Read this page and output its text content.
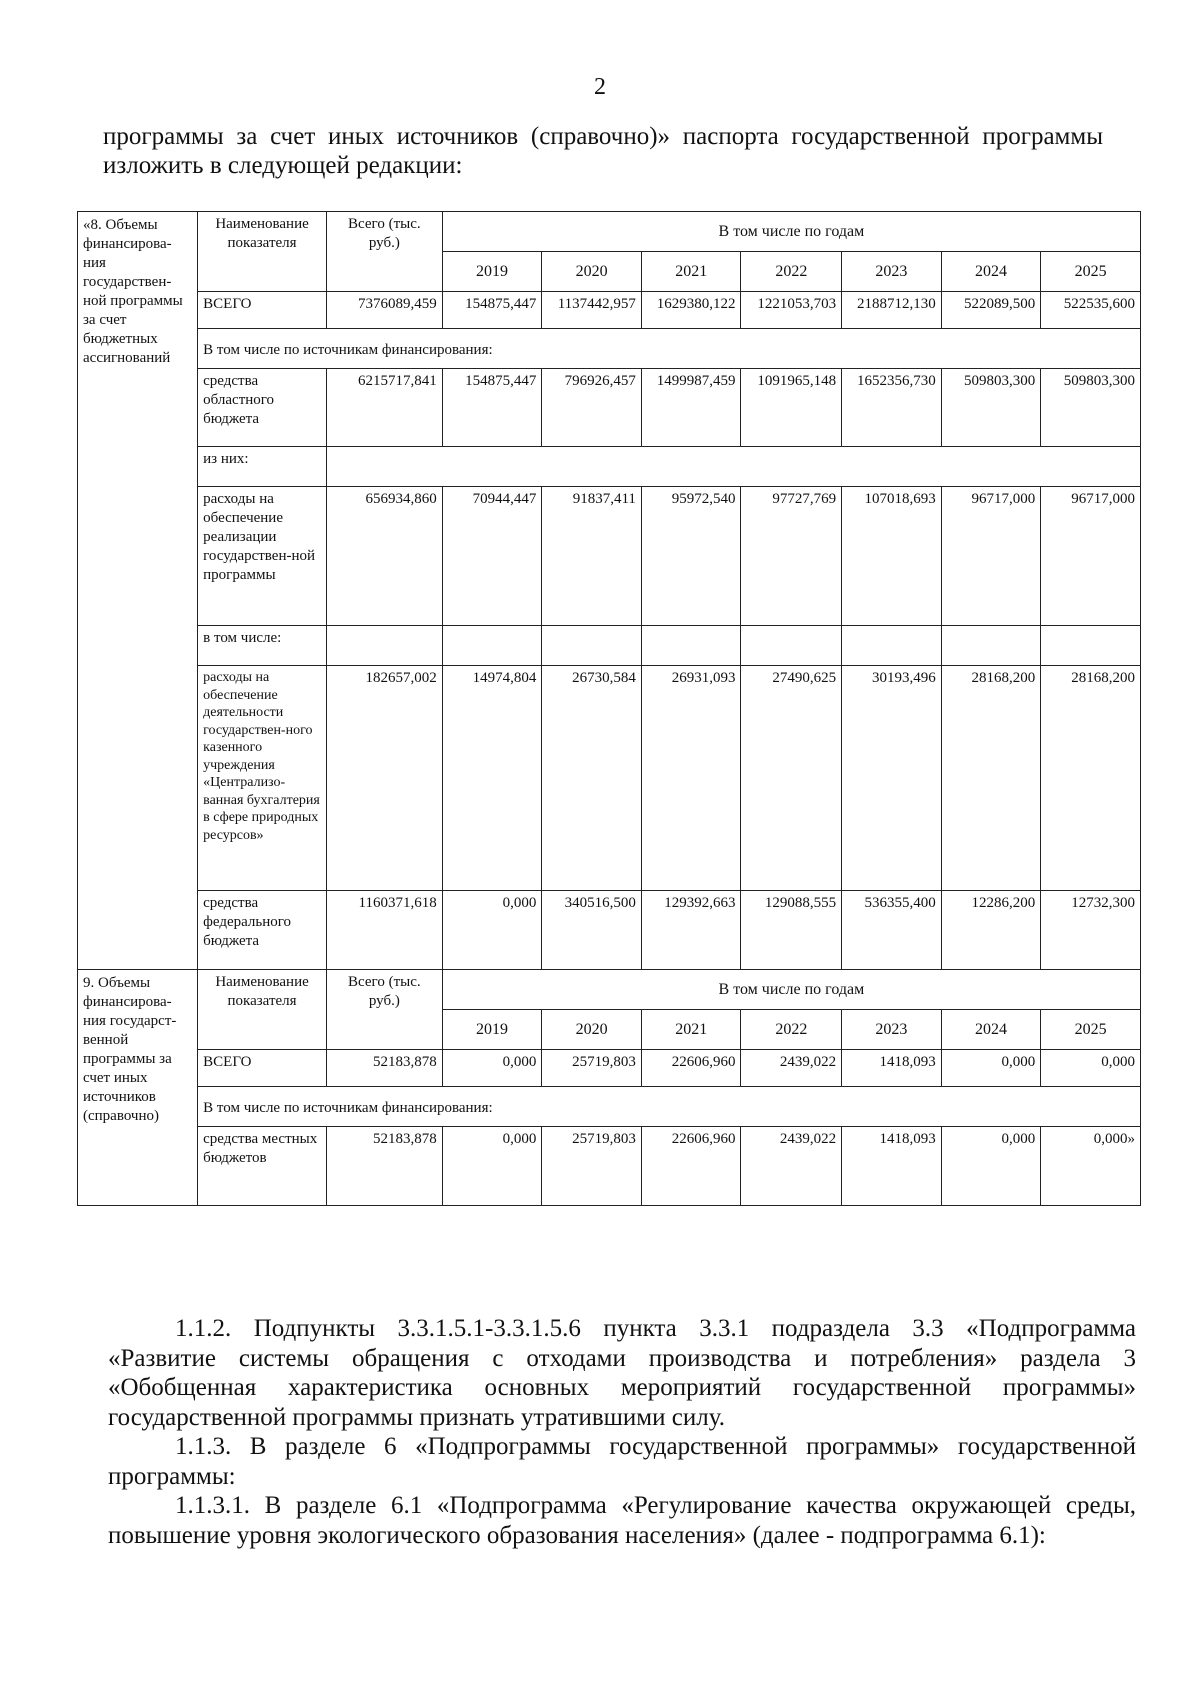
2

программы за счет иных источников (справочно)» паспорта государственной программы

изложить в следующей редакции:

«8. Объемы финансирова-ния государствен-ной программы за счет бюджетных ассигнований	Наименование показателя	Всего (тыс. руб.)	В том числе по годам						
			2019	2020	2021	2022	2023	2024	2025
	ВСЕГО	7376089,459	154875,447	1137442,957	1629380,122	1221053,703	2188712,130	522089,500	522535,600
	В том числе по источникам финансирования:								
	средства областного бюджета	6215717,841	154875,447	796926,457	1499987,459	1091965,148	1652356,730	509803,300	509803,300
	из них:								
	расходы на обеспечение реализации государствен-ной программы	656934,860	70944,447	91837,411	95972,540	97727,769	107018,693	96717,000	96717,000
	в том числе:								
	расходы на обеспечение деятельности государствен-ного казенного учреждения «Централизо-ванная бухгалтерия в сфере природных ресурсов»	182657,002	14974,804	26730,584	26931,093	27490,625	30193,496	28168,200	28168,200
	средства федерального бюджета	1160371,618	0,000	340516,500	129392,663	129088,555	536355,400	12286,200	12732,300
9. Объемы финансирова-ния государст-венной программы за счет иных источников (справочно)	Наименование показателя	Всего (тыс. руб.)	В том числе по годам						
			2019	2020	2021	2022	2023	2024	2025
	ВСЕГО	52183,878	0,000	25719,803	22606,960	2439,022	1418,093	0,000	0,000
	В том числе по источникам финансирования:								
	средства местных бюджетов	52183,878	0,000	25719,803	22606,960	2439,022	1418,093	0,000	0,000»

1.1.2. Подпункты 3.3.1.5.1-3.3.1.5.6 пункта 3.3.1 подраздела 3.3 «Подпрограмма «Развитие системы обращения с отходами производства и потребления» раздела 3 «Обобщенная характеристика основных мероприятий государственной программы» государственной программы признать утратившими силу.

1.1.3. В разделе 6 «Подпрограммы государственной программы» государственной программы:

1.1.3.1. В разделе 6.1 «Подпрограмма «Регулирование качества окружающей среды, повышение уровня экологического образования населения» (далее - подпрограмма 6.1):
